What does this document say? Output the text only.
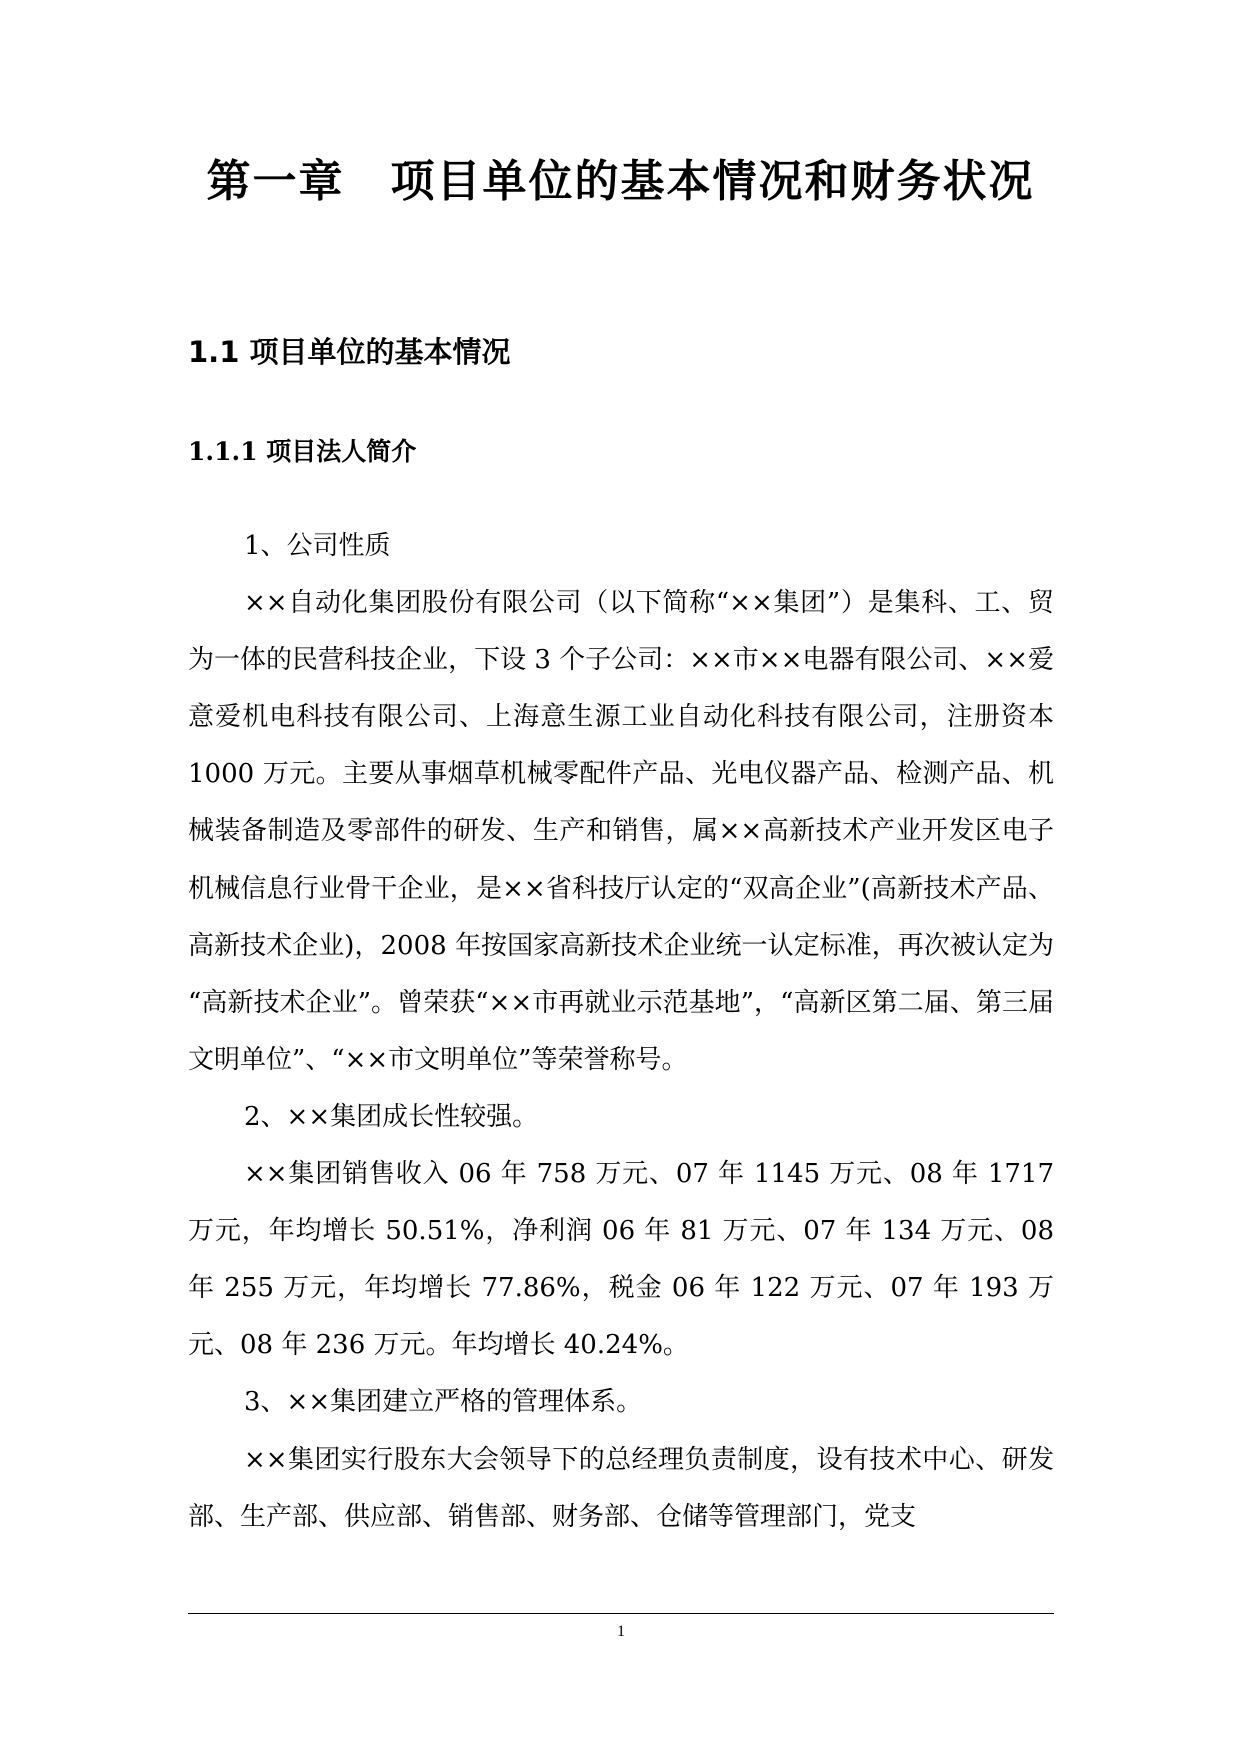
第一章　项目单位的基本情况和财务状况
1.1 项目单位的基本情况
1.1.1 项目法人简介

1、公司性质

××自动化集团股份有限公司（以下简称“××集团”）是集科、工、贸为一体的民营科技企业，下设 3 个子公司：××市××电器有限公司、××爱意爱机电科技有限公司、上海意生源工业自动化科技有限公司，注册资本 1000 万元。主要从事烟草机械零配件产品、光电仪器产品、检测产品、机械装备制造及零部件的研发、生产和销售，属××高新技术产业开发区电子机械信息行业骨干企业，是××省科技厅认定的“双高企业”(高新技术产品、高新技术企业)，2008 年按国家高新技术企业统一认定标准，再次被认定为 “高新技术企业”。曾荣获“××市再就业示范基地”，“高新区第二届、第三届文明单位”、“××市文明单位”等荣誉称号。

2、××集团成长性较强。

××集团销售收入 06 年 758 万元、07 年 1145 万元、08 年 1717 万元，年均增长 50.51%，净利润 06 年 81 万元、07 年 134 万元、08 年 255 万元，年均增长 77.86%，税金 06 年 122 万元、07 年 193 万元、08 年 236 万元。年均增长 40.24%。

3、××集团建立严格的管理体系。

××集团实行股东大会领导下的总经理负责制度，设有技术中心、研发部、生产部、供应部、销售部、财务部、仓储等管理部门，党支

1
